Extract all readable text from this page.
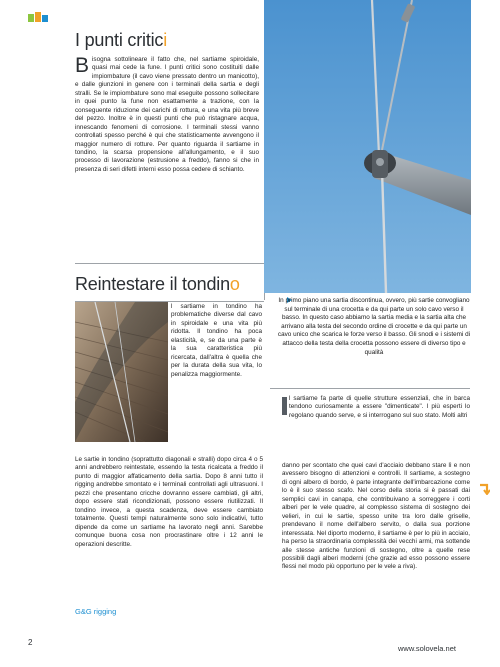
I punti critici
Bisogna sottolineare il fatto che, nel sartiame spiroidale, quasi mai cede la fune. I punti critici sono costituiti dalle impiombature (il cavo viene pressato dentro un manicotto), e dalle giunzioni in genere con i terminali della sartia e degli stralli. Se le impiombature sono mal eseguite possono sollecitare in quei punto la fune non esattamente a trazione, con la conseguente riduzione dei carichi di rottura, e una vita più breve del pezzo. Inoltre è in questi punti che può ristagnare acqua, innescando fenomeni di corrosione. I terminali stessi vanno controllati spesso perché è qui che statisticamente avvengono il maggior numero di rotture. Per quanto riguarda il sartiame in tondino, la scarsa propensione all'allungamento, e il suo processo di lavorazione (estrusione a freddo), fanno si che in presenza di seri difetti interni esso possa cedere di schianto.
Reintestare il tondino
l sartiame in tondino ha problematiche diverse dal cavo in spiroidale e una vita più ridotta. Il tondino ha poca elasticità, e, se da una parte è la sua caratteristica più ricercata, dall'altra è quella che per la durata della sua vita, lo penalizza maggiormente.
Le sartie in tondino (soprattutto diagonali e stralli) dopo circa 4 o 5 anni andrebbero reintestate, essendo la testa ricalcata a freddo il punto di maggior affaticamento della sartia. Dopo 8 anni tutto il rigging andrebbe smontato e i terminali controllati agli ultrasuoni. I pezzi che presentano cricche dovranno essere cambiati, gli altri, dopo essere stati ricondizionati, possono essere riutilizzati. Il tondino invece, a questa scadenza, deve essere cambiato totalmente. Questi tempi naturalmente sono solo indicativi, tutto dipende da come un sartiame ha lavorato negli anni. Sarebbe comunque buona cosa non procrastinare oltre i 12 anni le operazioni descritte.
G&G rigging
In primo piano una sartia discontinua, ovvero, più sartie convogliano sul terminale di una crocetta e da qui parte un solo cavo verso il basso. In questo caso abbiamo la sartia media e la sartia alta che arrivano alla testa del secondo ordine di crocette e da qui parte un cavo unico che scarica le forze verso il basso. Gli snodi e i sistemi di attacco della testa della crocetta possono essere di diverso tipo e qualità
l sartiame fa parte di quelle strutture essenziali, che in barca tendono curiosamente a essere "dimenticate". I più esperti lo regolano quando serve, e si interrogano sul suo stato. Molti altri
danno per scontato che quei cavi d'acciaio debbano stare lì e non avessero bisogno di attenzioni e controlli. Il sartiame, a sostegno di ogni albero di bordo, è parte integrante dell'imbarcazione come lo è il suo stesso scafo. Nel corso della storia si è passati dai semplici cavi in canapa, che contribuivano a sorreggere i corti alberi per le vele quadre, al complesso sistema di sostegno dei velieri, in cui le sartie, spesso unite tra loro dalle griselle, prendevano il nome dell'albero servito, o dalla sua porzione interessata. Nel diporto moderno, il sartiame è per lo più in acciaio, ha perso la straordinaria complessità dei vecchi armi, ma sottende alle stesse antiche funzioni di sostegno, oltre a quelle rese possibili dagli alberi moderni (che grazie ad esso possono essere flessi nel modo più opportuno per le vele a riva).
2
www.solovela.net
